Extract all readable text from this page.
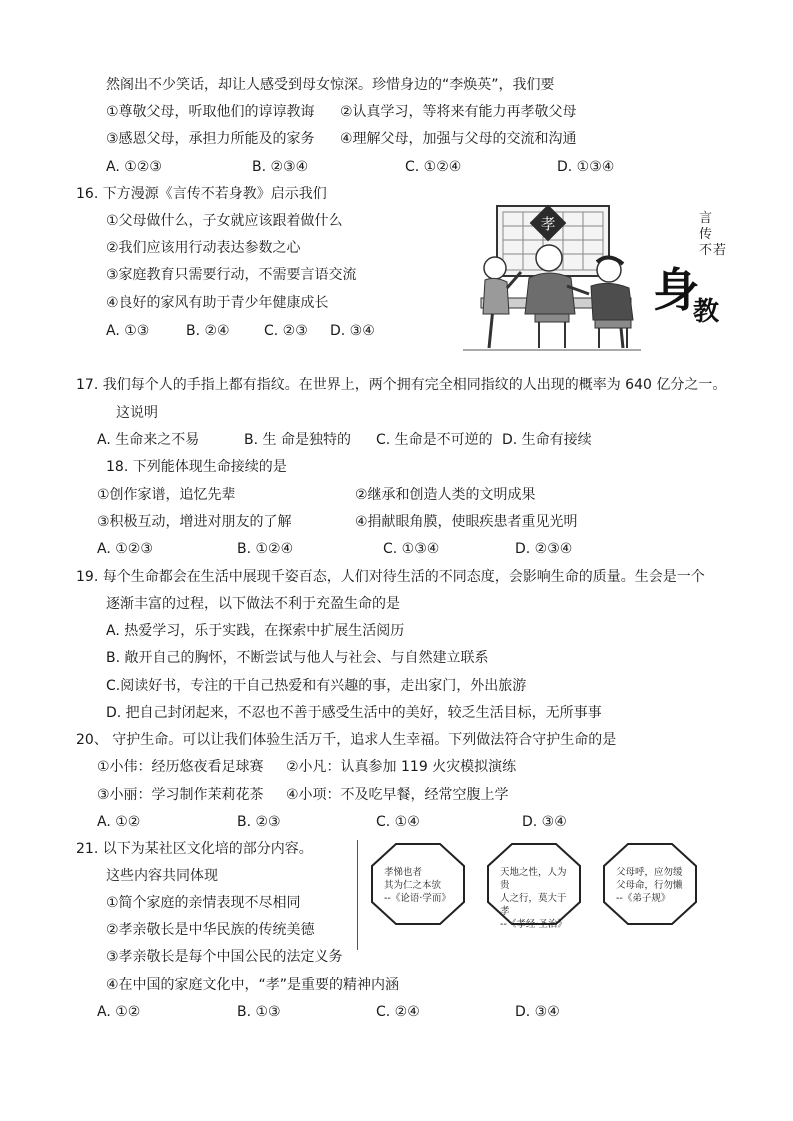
然阁出不少笑话，却让人感受到母女惊深。珍惜身边的“李焕英”，我们要
①尊敬父母，听取他们的谆谆教诲 ②认真学习，等将来有能力再孝敬父母
③感恩父母，承担力所能及的家务 ④理解父母，加强与父母的交流和沟通
A. ①②③	B. ②③④	C. ①②④	D. ①③④
16. 下方漫源《言传不若身教》启示我们
①父母做什么，子女就应该跟着做什么
②我们应该用行动表达参数之心
③家庭教育只需要行动，不需要言语交流
④良好的家风有助于青少年健康成长
A. ①③	B. ②④ C. ②③ D. ③④
孝	言
传
不 若
身
教
17. 我们每个人的手指上都有指纹。在世界上，两个拥有完全相同指纹的人出现的概率为 640 亿分之一。
这说明
A. 生命来之不易	B. 生 命是独特的 C. 生命是不可逆的 D. 生命有接续
18. 下列能体现生命接续的是
①创作家谱，追忆先辈	②继承和创造人类的文明成果
③积极互动，增进对朋友的了解	④捐献眼角膜，使眼疾患者重见光明
A. ①②③	B. ①②④	C. ①③④	D. ②③④
19. 每个生命都会在生活中展现千姿百态，人们对待生活的不同态度，会影响生命的质量。生会是一个
逐渐丰富的过程，以下做法不利于充盈生命的是
A. 热爱学习，乐于实践，在探索中扩展生活阅历
B. 敞开自己的胸怀，不断尝试与他人与社会、与自然建立联系
C.阅读好书，专注的干自己热爱和有兴趣的事，走出家门，外出旅游
D. 把自己封闭起来，不忍也不善于感受生活中的美好，较乏生活目标，无所事事
20、 守护生命。可以让我们体验生活万千，追求人生幸福。下列做法符合守护生命的是
①小伟：经历悠夜看足球赛 ②小凡：认真参加 119 火灾模拟演练
③小丽：学习制作茉莉花茶 ④小项：不及吃早餐，经常空腹上学
A. ①②	B. ②③	C. ①④	D. ③④
21. 以下为某社区文化培的部分内容。
这些内容共同体现
①简个家庭的亲情表现不尽相同
②孝亲敬长是中华民族的传统美德
③孝亲敬长是每个中国公民的法定义务
④在中国的家庭文化中，“孝”是重要的精神内涵
A. ①②	B. ①③	C. ②④	D. ③④
孝悌也者
其为仁之本欤
--《论语·学而》
天地之性，人为贵
人之行，莫大于孝
--《孝经·圣治》
父母呼，应勿缓
父母命，行勿懒
--《弟子规》
